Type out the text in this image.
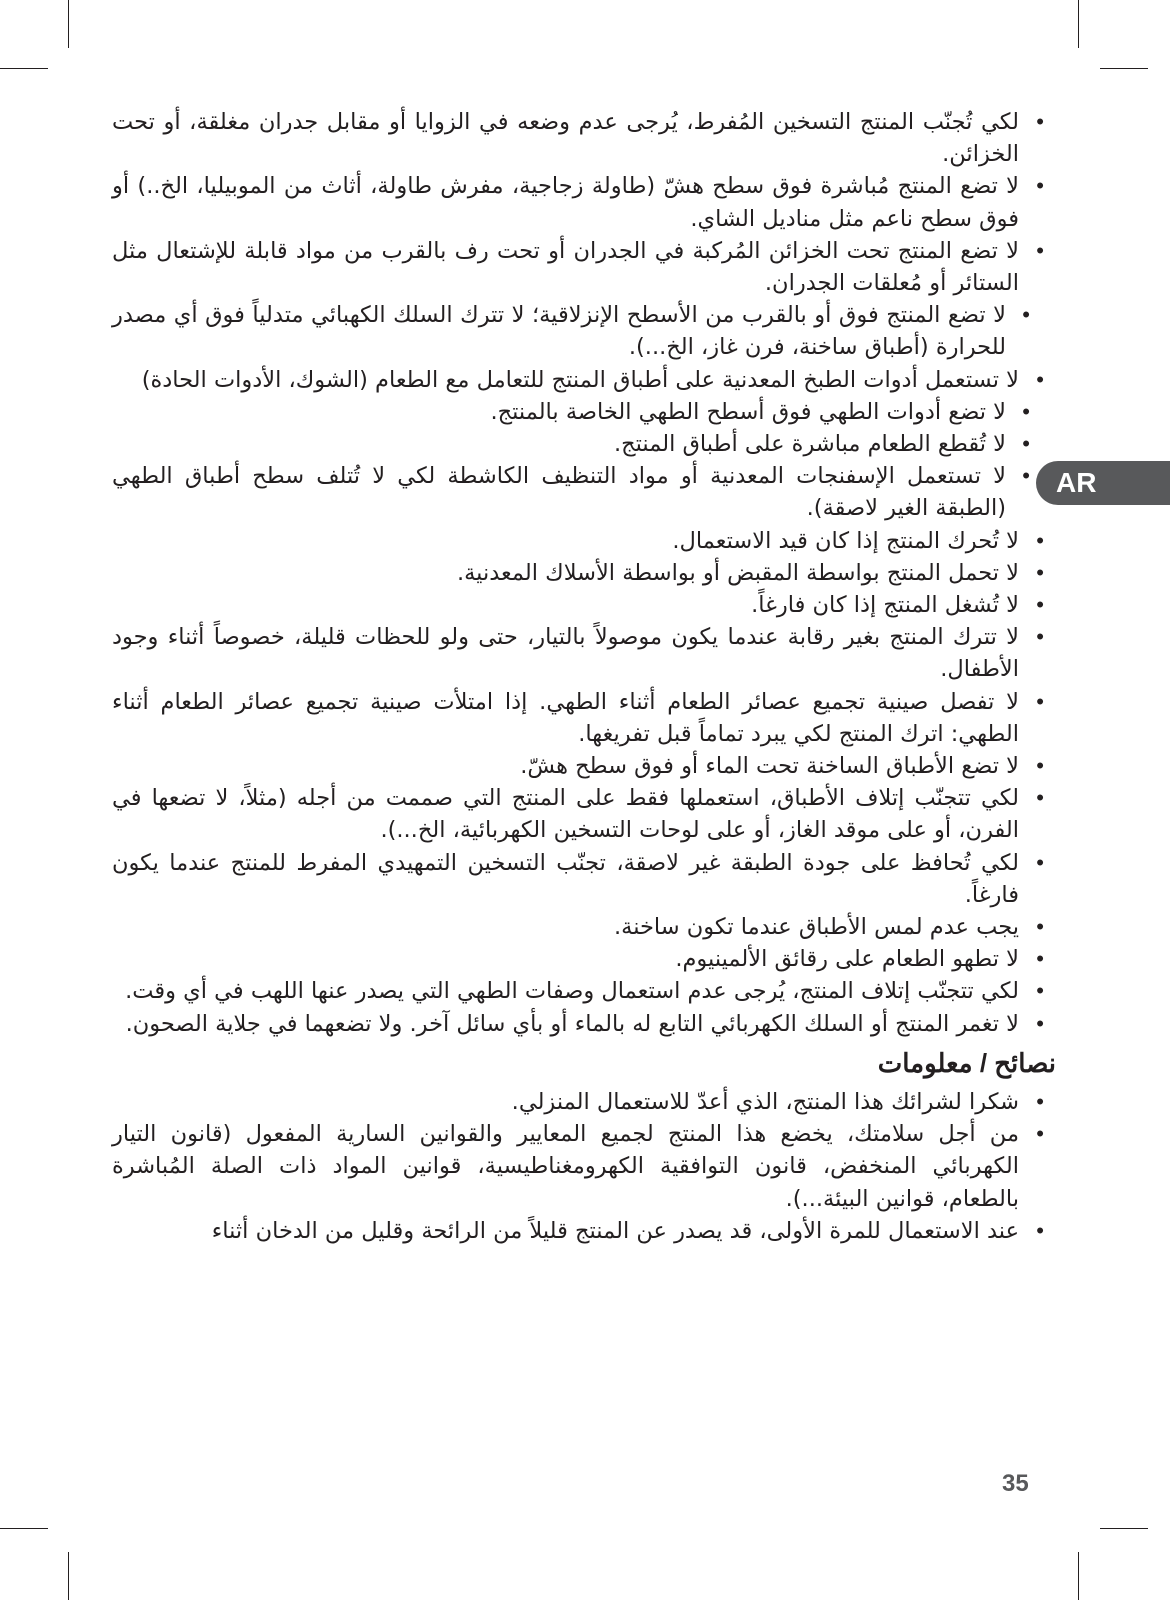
AR
• لكي تُجنّب المنتج التسخين المُفرط، يُرجى عدم وضعه في الزوايا أو مقابل جدران مغلقة، أو تحت الخزائن.
• لا تضع المنتج مُباشرة فوق سطح هشّ (طاولة زجاجية، مفرش طاولة، أثاث من الموبيليا، الخ..) أو فوق سطح ناعم مثل مناديل الشاي.
• لا تضع المنتج تحت الخزائن المُركبة في الجدران أو تحت رف بالقرب من مواد قابلة للإشتعال مثل الستائر أو مُعلقات الجدران.
• لا تضع المنتج فوق أو بالقرب من الأسطح الإنزلاقية؛ لا تترك السلك الكهبائي متدلياً فوق أي مصدر للحرارة (أطباق ساخنة، فرن غاز، الخ...).
• لا تستعمل أدوات الطبخ المعدنية على أطباق المنتج للتعامل مع الطعام (الشوك، الأدوات الحادة)
• لا تضع أدوات الطهي فوق أسطح الطهي الخاصة بالمنتج.
• لا تُقطع الطعام مباشرة على أطباق المنتج.
• لا تستعمل الإسفنجات المعدنية أو مواد التنظيف الكاشطة لكي لا تُتلف سطح أطباق الطهي (الطبقة الغير لاصقة).
• لا تُحرك المنتج إذا كان قيد الاستعمال.
• لا تحمل المنتج بواسطة المقبض أو بواسطة الأسلاك المعدنية.
• لا تُشغل المنتج إذا كان فارغاً.
• لا تترك المنتج بغير رقابة عندما يكون موصولاً بالتيار، حتى ولو للحظات قليلة، خصوصاً أثناء وجود الأطفال.
• لا تفصل صينية تجميع عصائر الطعام أثناء الطهي. إذا امتلأت صينية تجميع عصائر الطعام أثناء الطهي: اترك المنتج لكي يبرد تماماً قبل تفريغها.
• لا تضع الأطباق الساخنة تحت الماء أو فوق سطح هشّ.
• لكي تتجنّب إتلاف الأطباق، استعملها فقط على المنتج التي صممت من أجله (مثلاً، لا تضعها في الفرن، أو على موقد الغاز، أو على لوحات التسخين الكهربائية، الخ...).
• لكي تُحافظ على جودة الطبقة غير لاصقة، تجنّب التسخين التمهيدي المفرط للمنتج عندما يكون فارغاً.
• يجب عدم لمس الأطباق عندما تكون ساخنة.
• لا تطهو الطعام على رقائق الألمينيوم.
• لكي تتجنّب إتلاف المنتج، يُرجى عدم استعمال وصفات الطهي التي يصدر عنها اللهب في أي وقت.
• لا تغمر المنتج أو السلك الكهربائي التابع له بالماء أو بأي سائل آخر. ولا تضعهما في جلاية الصحون.
نصائح / معلومات
• شكرا لشرائك هذا المنتج، الذي أعدّ للاستعمال المنزلي.
• من أجل سلامتك، يخضع هذا المنتج لجميع المعايير والقوانين السارية المفعول (قانون التيار الكهربائي المنخفض، قانون التوافقية الكهرومغناطيسية، قوانين المواد ذات الصلة المُباشرة بالطعام، قوانين البيئة...).
• عند الاستعمال للمرة الأولى، قد يصدر عن المنتج قليلاً من الرائحة وقليل من الدخان أثناء
35
